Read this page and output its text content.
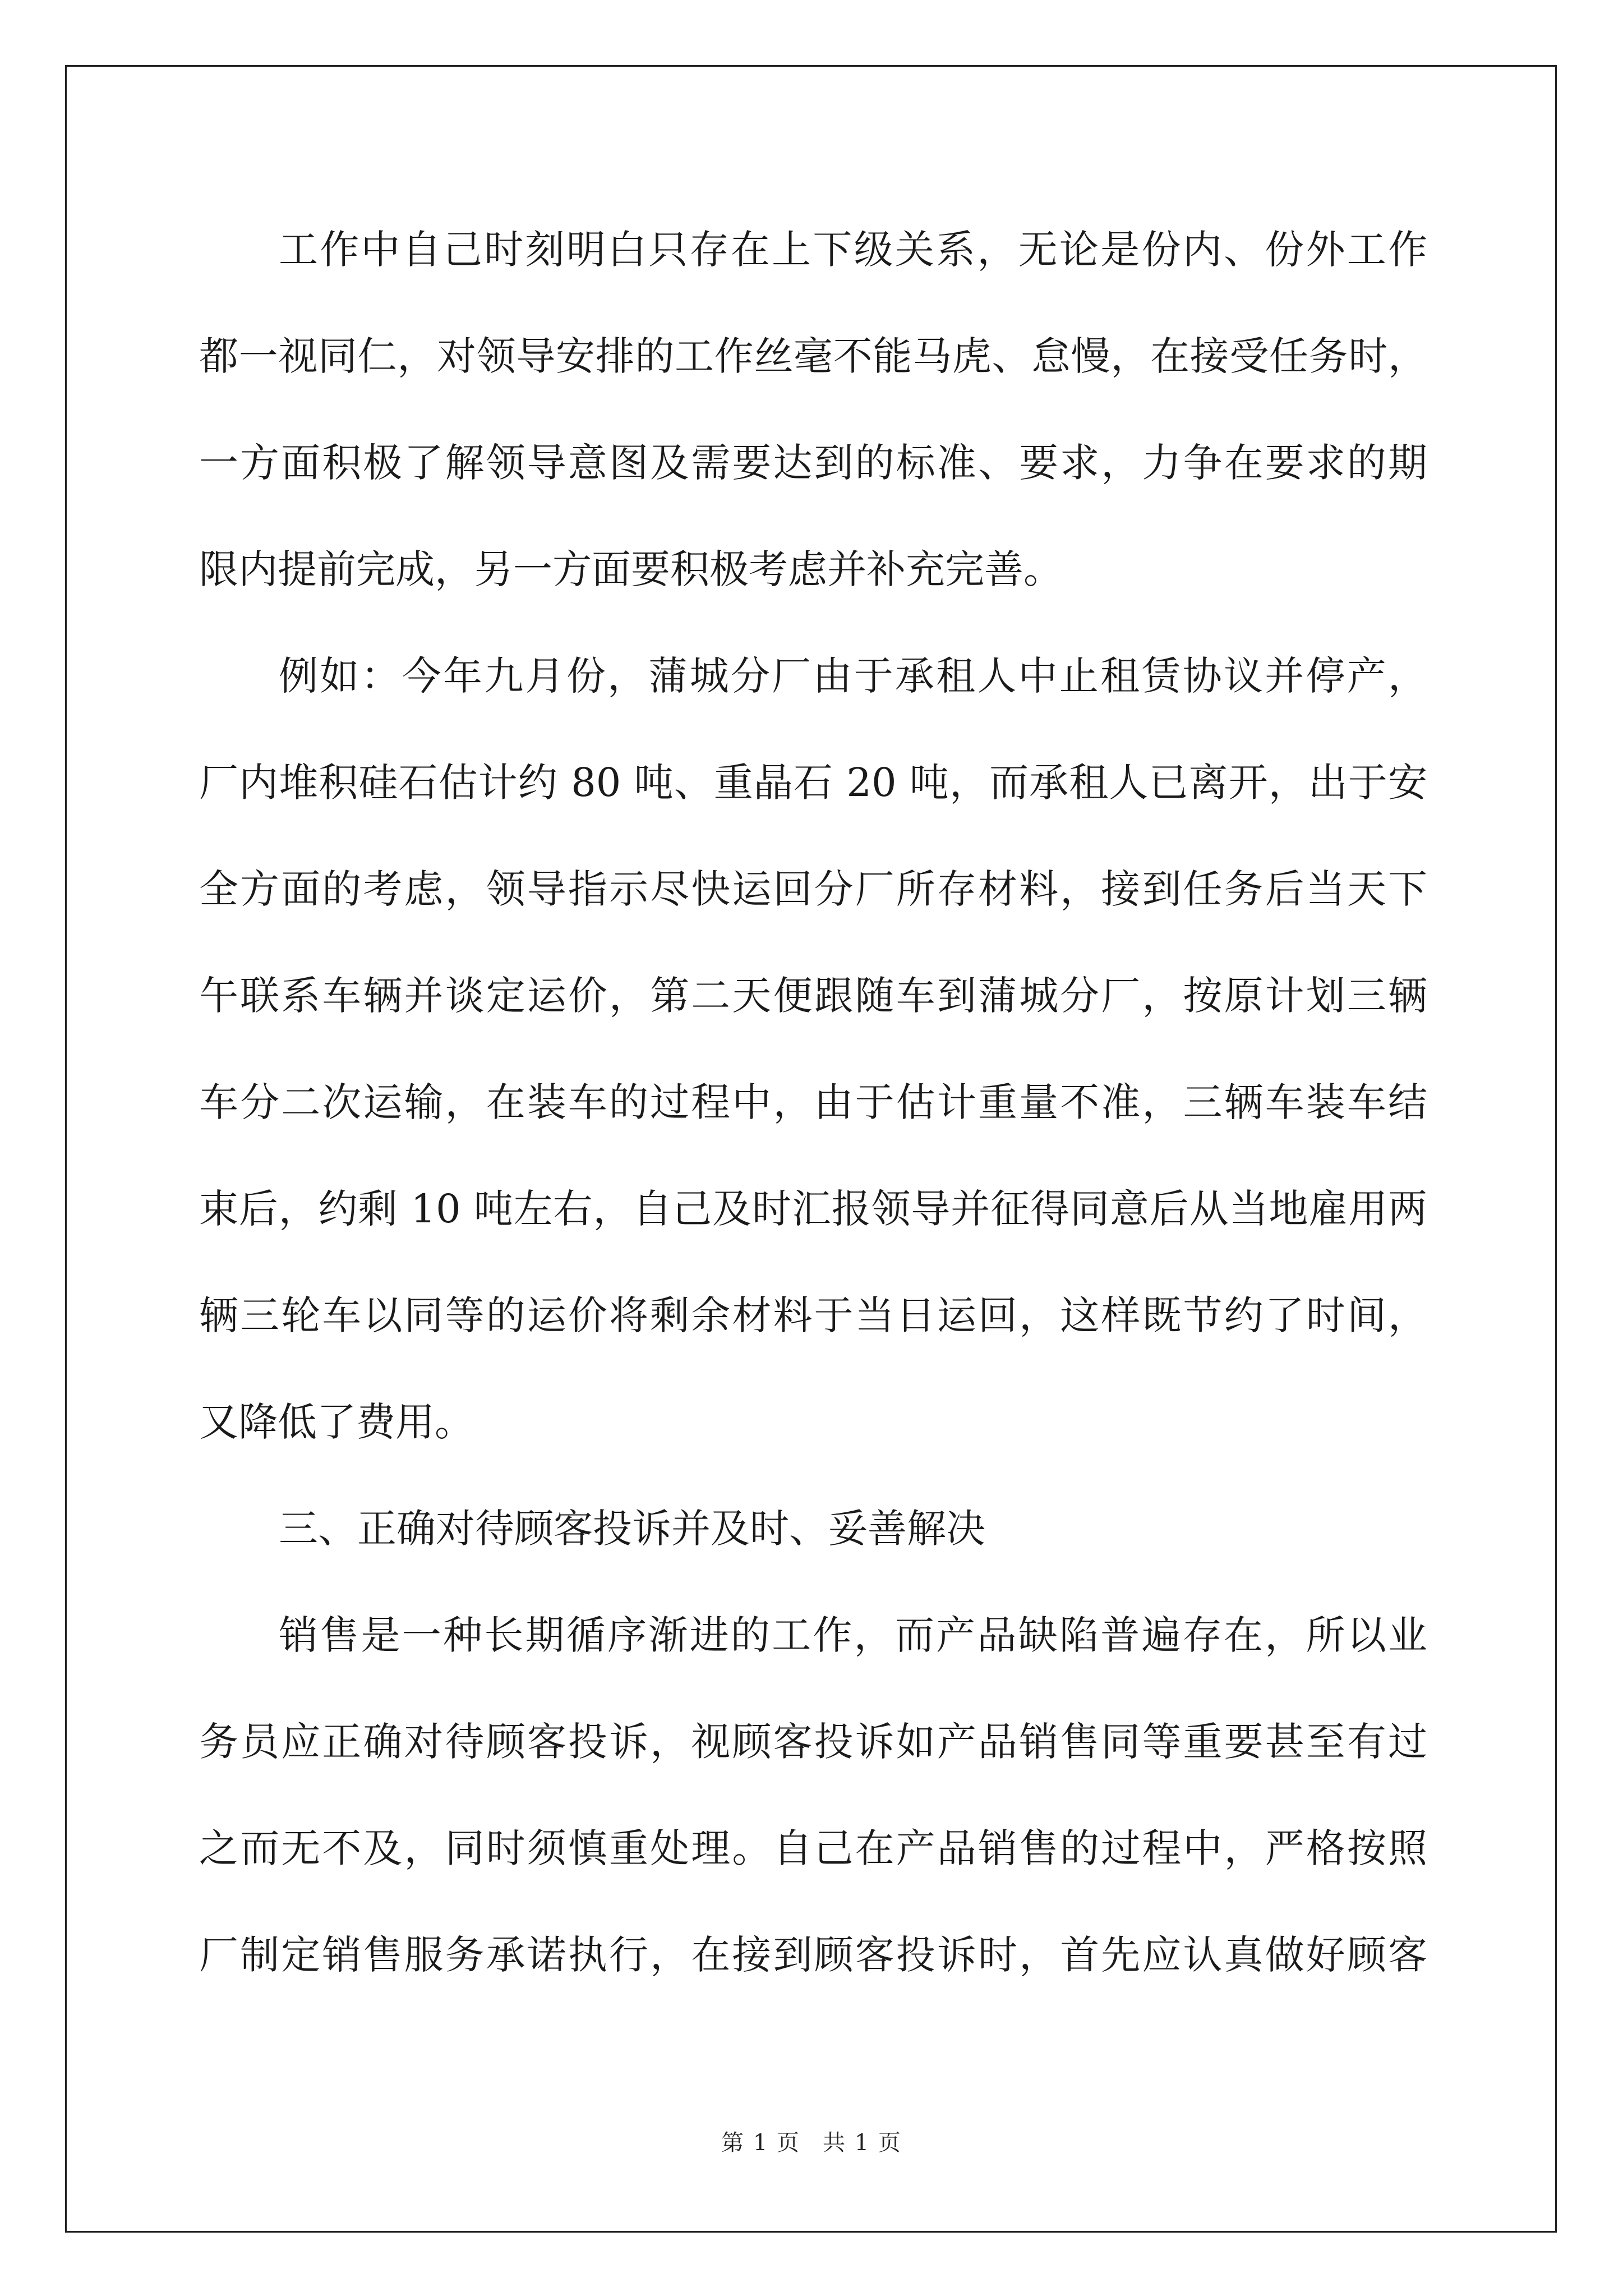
工作中自己时刻明白只存在上下级关系，无论是份内、份外工作
都一视同仁，对领导安排的工作丝毫不能马虎、怠慢，在接受任务时，
一方面积极了解领导意图及需要达到的标准、要求，力争在要求的期
限内提前完成，另一方面要积极考虑并补充完善。
例如：今年九月份，蒲城分厂由于承租人中止租赁协议并停产，
厂内堆积硅石估计约 80 吨、重晶石 20 吨，而承租人已离开，出于安
全方面的考虑，领导指示尽快运回分厂所存材料，接到任务后当天下
午联系车辆并谈定运价，第二天便跟随车到蒲城分厂，按原计划三辆
车分二次运输，在装车的过程中，由于估计重量不准，三辆车装车结
束后，约剩 10 吨左右，自己及时汇报领导并征得同意后从当地雇用两
辆三轮车以同等的运价将剩余材料于当日运回，这样既节约了时间，
又降低了费用。
三、正确对待顾客投诉并及时、妥善解决
销售是一种长期循序渐进的工作，而产品缺陷普遍存在，所以业
务员应正确对待顾客投诉，视顾客投诉如产品销售同等重要甚至有过
之而无不及，同时须慎重处理。自己在产品销售的过程中，严格按照
厂制定销售服务承诺执行，在接到顾客投诉时，首先应认真做好顾客
第 1 页 共 1 页
